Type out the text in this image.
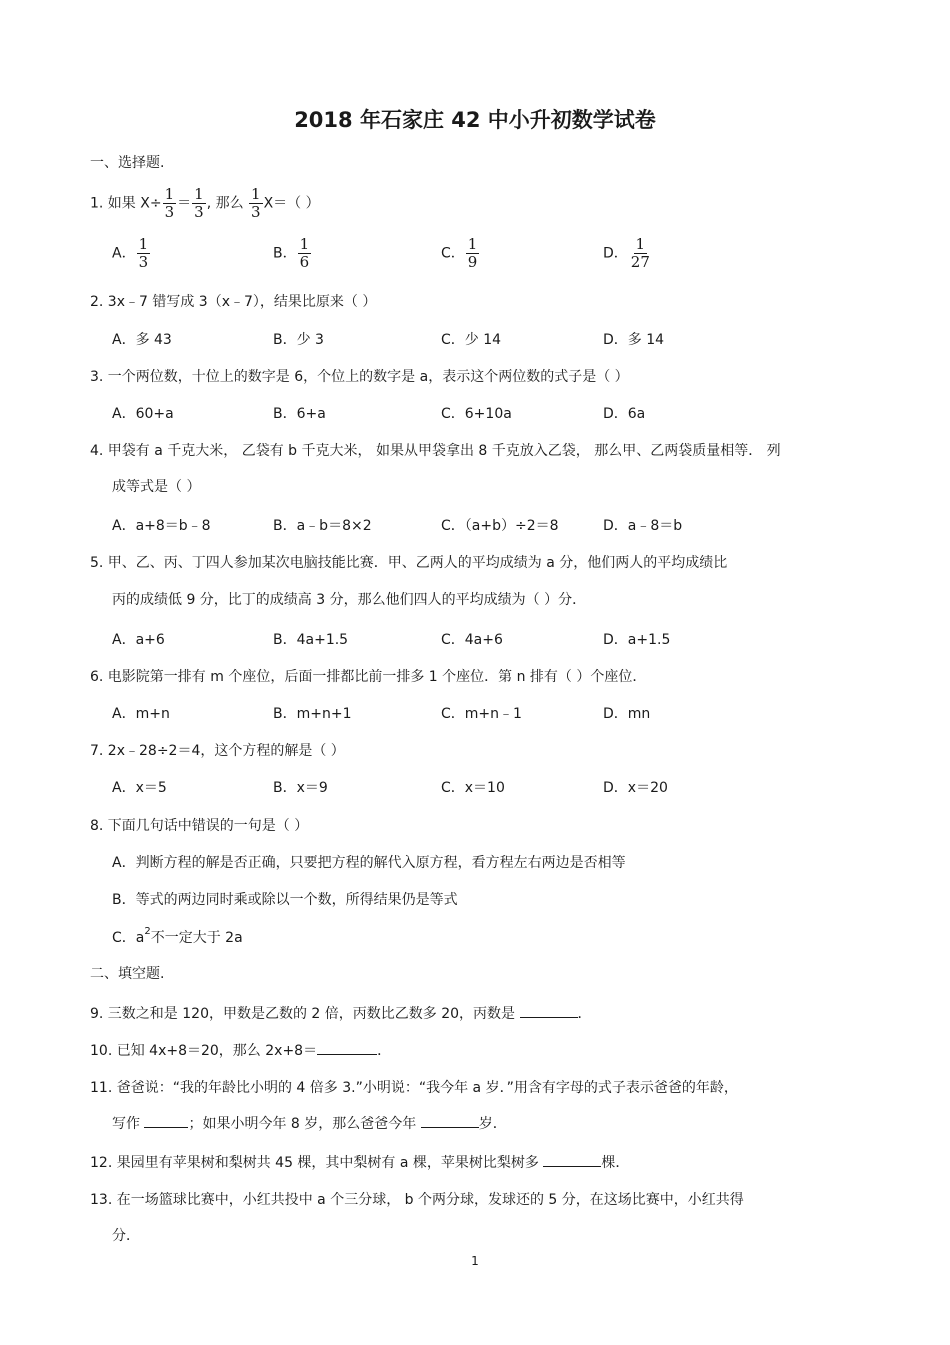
2018 年石家庄 42 中小升初数学试卷
一、选择题.
1. 如果 $X\div \frac{1}{3} = \frac{1}{3}$ , 那么 $\frac{1}{3} X=$（ ）
A． $\frac{1}{3}$	B． $\frac{1}{6}$	C． $\frac{1}{9}$	D． $\frac{1}{27}$
2. 3x﹣7 错写成 3（x﹣7），结果比原来（ ）
A．多 43	B．少 3	C．少 14	D．多 14
3. 一个两位数，十位上的数字是 6，个位上的数字是 a，表示这个两位数的式子是（ ）
A．60+a	B．6+a	C．6+10a	D．6a
4. 甲袋有 a 千克大米， 乙袋有 b 千克大米， 如果从甲袋拿出 8 千克放入乙袋， 那么甲、乙两袋质量相等． 列
成等式是（ ）
A．a+8＝b﹣8	B．a﹣b＝8×2	C．（a+b）÷2＝8	D．a﹣8＝b
5. 甲、乙、丙、丁四人参加某次电脑技能比赛．甲、乙两人的平均成绩为 a 分，他们两人的平均成绩比
丙的成绩低 9 分，比丁的成绩高 3 分，那么他们四人的平均成绩为（ ）分．
A．a+6	B．4a+1.5	C．4a+6	D．a+1.5
6. 电影院第一排有 m 个座位，后面一排都比前一排多 1 个座位．第 n 排有（ ）个座位．
A．m+n	B．m+n+1	C．m+n﹣1	D．mn
7. 2x﹣28÷2＝4，这个方程的解是（ ）
A．x＝5	B．x＝9	C．x＝10	D．x＝20
8. 下面几句话中错误的一句是（ ）
A．判断方程的解是否正确，只要把方程的解代入原方程，看方程左右两边是否相等
B．等式的两边同时乘或除以一个数，所得结果仍是等式
C．$a^2$不一定大于 2a
二、填空题.
9. 三数之和是 120，甲数是乙数的 2 倍，丙数比乙数多 20，丙数是	．
10. 已知 4x+8＝20，那么 2x+8＝	．
11. 爸爸说：“我的年龄比小明的 4 倍多 3.”小明说：“我今年 a 岁．”用含有字母的式子表示爸爸的年龄，
写作	；如果小明今年 8 岁，那么爸爸今年	岁．
12. 果园里有苹果树和梨树共 45 棵，其中梨树有 a 棵，苹果树比梨树多	棵．
13. 在一场篮球比赛中，小红共投中 a 个三分球， b 个两分球，发球还的 5 分，在这场比赛中，小红共得
分．
1
